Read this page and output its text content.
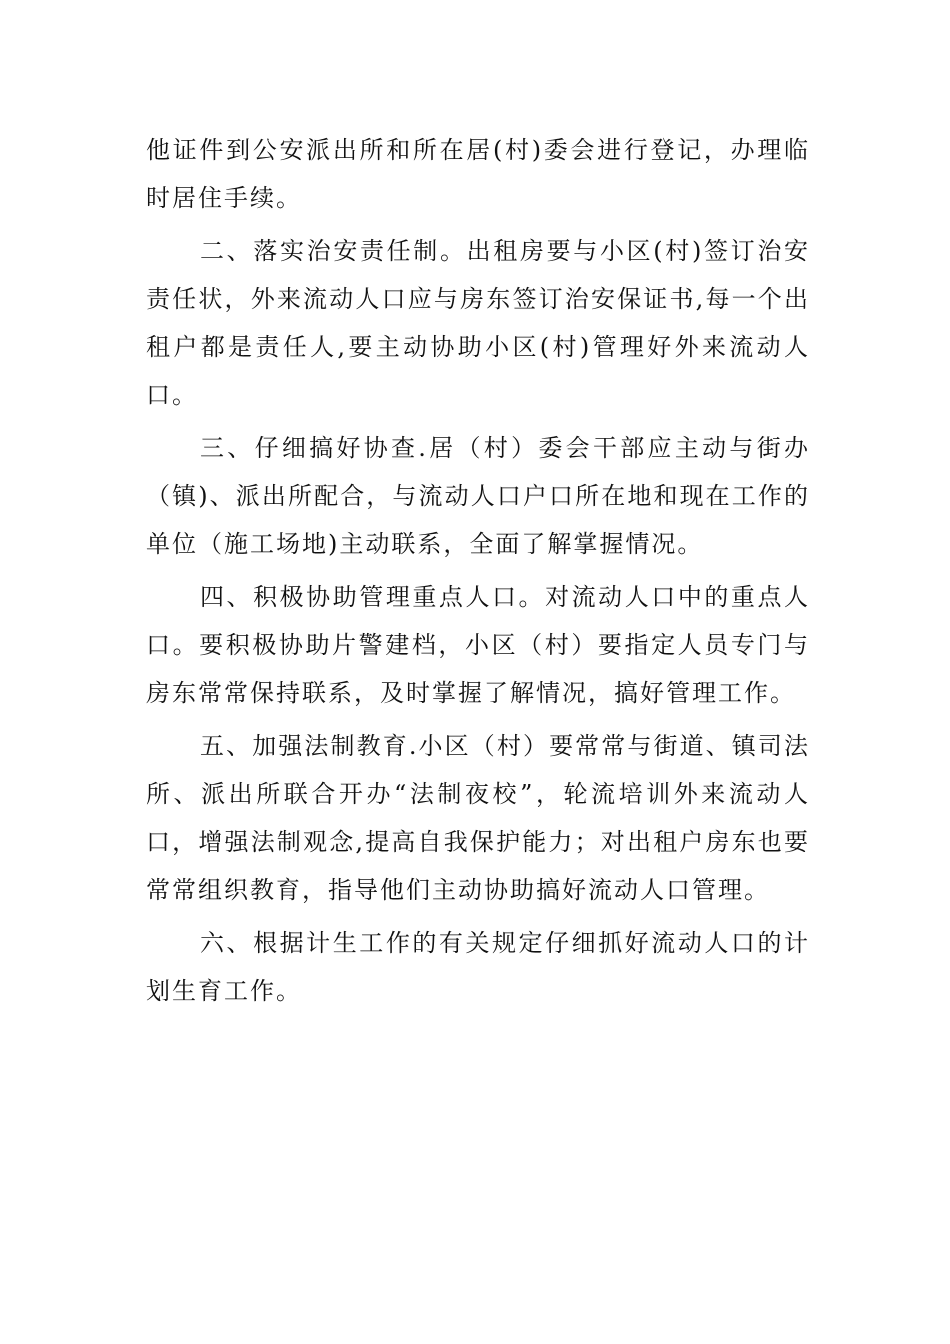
他证件到公安派出所和所在居(村)委会进行登记，办理临时居住手续。

二、落实治安责任制。出租房要与小区(村)签订治安责任状，外来流动人口应与房东签订治安保证书,每一个出租户都是责任人,要主动协助小区(村)管理好外来流动人口。

三、仔细搞好协查.居（村）委会干部应主动与街办（镇)、派出所配合，与流动人口户口所在地和现在工作的单位（施工场地)主动联系，全面了解掌握情况。

四、积极协助管理重点人口。对流动人口中的重点人口。要积极协助片警建档，小区（村）要指定人员专门与房东常常保持联系，及时掌握了解情况，搞好管理工作。

五、加强法制教育.小区（村）要常常与街道、镇司法所、派出所联合开办“法制夜校”，轮流培训外来流动人口，增强法制观念,提高自我保护能力；对出租户房东也要常常组织教育，指导他们主动协助搞好流动人口管理。

六、根据计生工作的有关规定仔细抓好流动人口的计划生育工作。
